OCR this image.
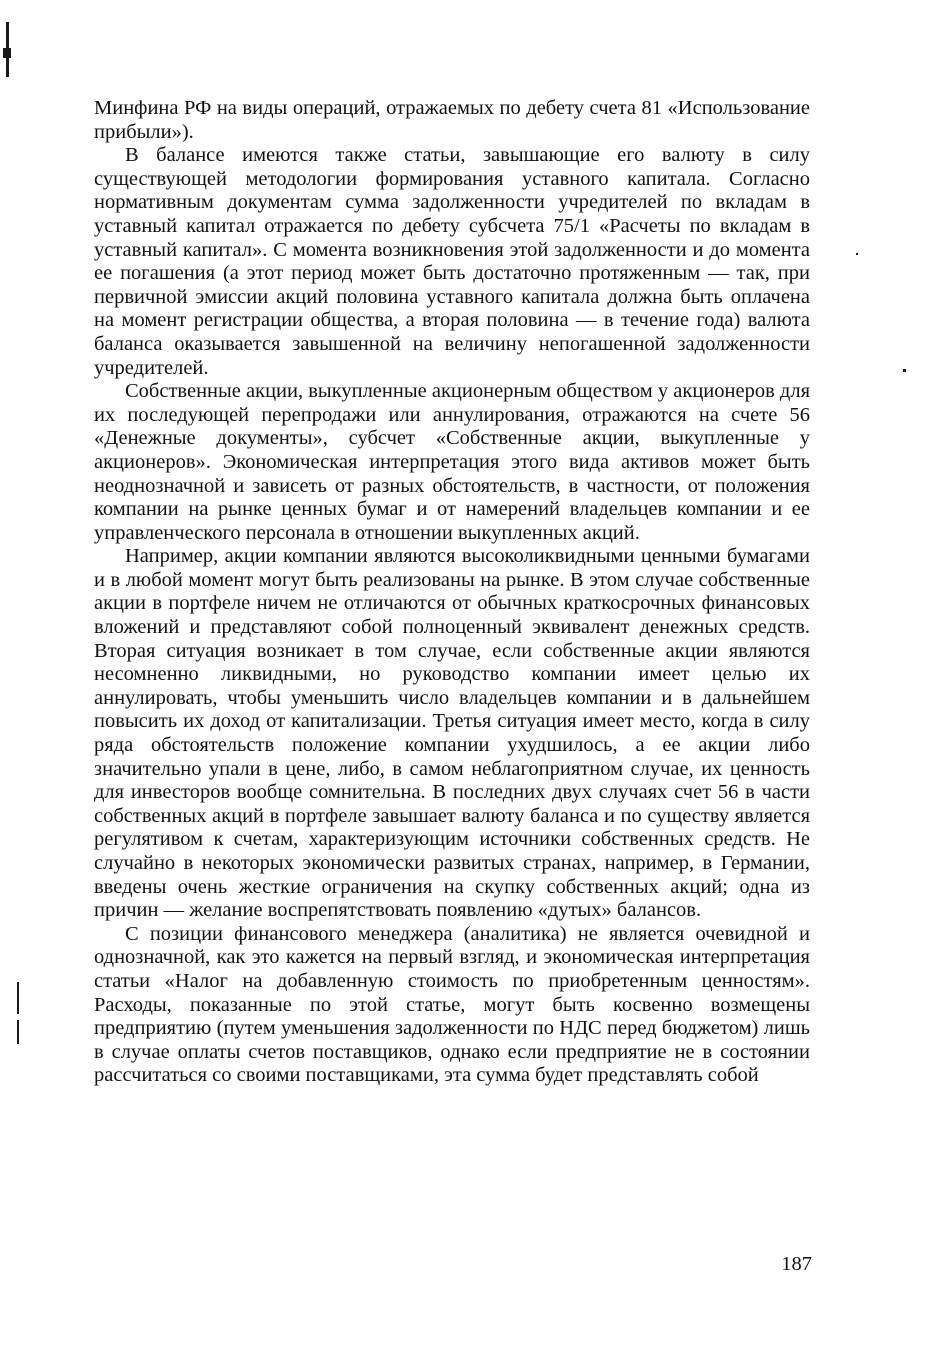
Минфина РФ на виды операций, отражаемых по дебету счета 81 «Использование прибыли»).

В балансе имеются также статьи, завышающие его валюту в силу существующей методологии формирования уставного капитала. Согласно нормативным документам сумма задолженности учредителей по вкладам в уставный капитал отражается по дебету субсчета 75/1 «Расчеты по вкладам в уставный капитал». С момента возникновения этой задолженности и до момента ее погашения (а этот период может быть достаточно протяженным — так, при первичной эмиссии акций половина уставного капитала должна быть оплачена на момент регистрации общества, а вторая половина — в течение года) валюта баланса оказывается завышенной на величину непогашенной задолженности учредителей.

Собственные акции, выкупленные акционерным обществом у акционеров для их последующей перепродажи или аннулирования, отражаются на счете 56 «Денежные документы», субсчет «Собственные акции, выкупленные у акционеров». Экономическая интерпретация этого вида активов может быть неоднозначной и зависеть от разных обстоятельств, в частности, от положения компании на рынке ценных бумаг и от намерений владельцев компании и ее управленческого персонала в отношении выкупленных акций.

Например, акции компании являются высоколиквидными ценными бумагами и в любой момент могут быть реализованы на рынке. В этом случае собственные акции в портфеле ничем не отличаются от обычных краткосрочных финансовых вложений и представляют собой полноценный эквивалент денежных средств. Вторая ситуация возникает в том случае, если собственные акции являются несомненно ликвидными, но руководство компании имеет целью их аннулировать, чтобы уменьшить число владельцев компании и в дальнейшем повысить их доход от капитализации. Третья ситуация имеет место, когда в силу ряда обстоятельств положение компании ухудшилось, а ее акции либо значительно упали в цене, либо, в самом неблагоприятном случае, их ценность для инвесторов вообще сомнительна. В последних двух случаях счет 56 в части собственных акций в портфеле завышает валюту баланса и по существу является регулятивом к счетам, характеризующим источники собственных средств. Не случайно в некоторых экономически развитых странах, например, в Германии, введены очень жесткие ограничения на скупку собственных акций; одна из причин — желание воспрепятствовать появлению «дутых» балансов.

С позиции финансового менеджера (аналитика) не является очевидной и однозначной, как это кажется на первый взгляд, и экономическая интерпретация статьи «Налог на добавленную стоимость по приобретенным ценностям». Расходы, показанные по этой статье, могут быть косвенно возмещены предприятию (путем уменьшения задолженности по НДС перед бюджетом) лишь в случае оплаты счетов поставщиков, однако если предприятие не в состоянии рассчитаться со своими поставщиками, эта сумма будет представлять собой

187
